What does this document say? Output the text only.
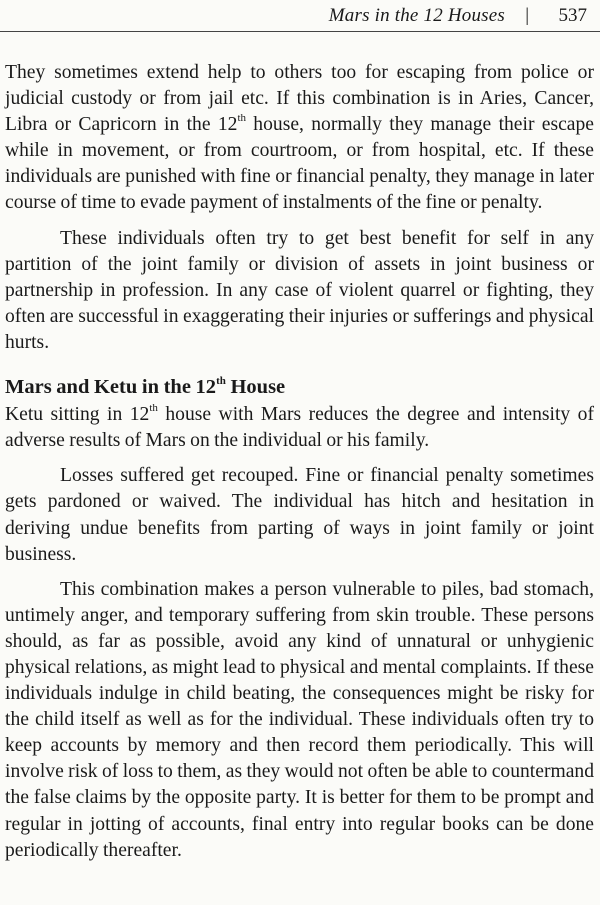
Mars in the 12 Houses | 537

They sometimes extend help to others too for escaping from police or judicial custody or from jail etc. If this combination is in Aries, Cancer, Libra or Capricorn in the 12th house, normally they manage their escape while in movement, or from courtroom, or from hospital, etc. If these individuals are punished with fine or financial penalty, they manage in later course of time to evade payment of instalments of the fine or penalty.

These individuals often try to get best benefit for self in any partition of the joint family or division of assets in joint business or partnership in profession. In any case of violent quarrel or fighting, they often are successful in exaggerating their injuries or sufferings and physical hurts.

Mars and Ketu in the 12th House

Ketu sitting in 12th house with Mars reduces the degree and intensity of adverse results of Mars on the individual or his family.

Losses suffered get recouped. Fine or financial penalty sometimes gets pardoned or waived. The individual has hitch and hesitation in deriving undue benefits from parting of ways in joint family or joint business.

This combination makes a person vulnerable to piles, bad stomach, untimely anger, and temporary suffering from skin trouble. These persons should, as far as possible, avoid any kind of unnatural or unhygienic physical relations, as might lead to physical and mental complaints. If these individuals indulge in child beating, the consequences might be risky for the child itself as well as for the individual. These individuals often try to keep accounts by memory and then record them periodically. This will involve risk of loss to them, as they would not often be able to countermand the false claims by the opposite party. It is better for them to be prompt and regular in jotting of accounts, final entry into regular books can be done periodically thereafter.
